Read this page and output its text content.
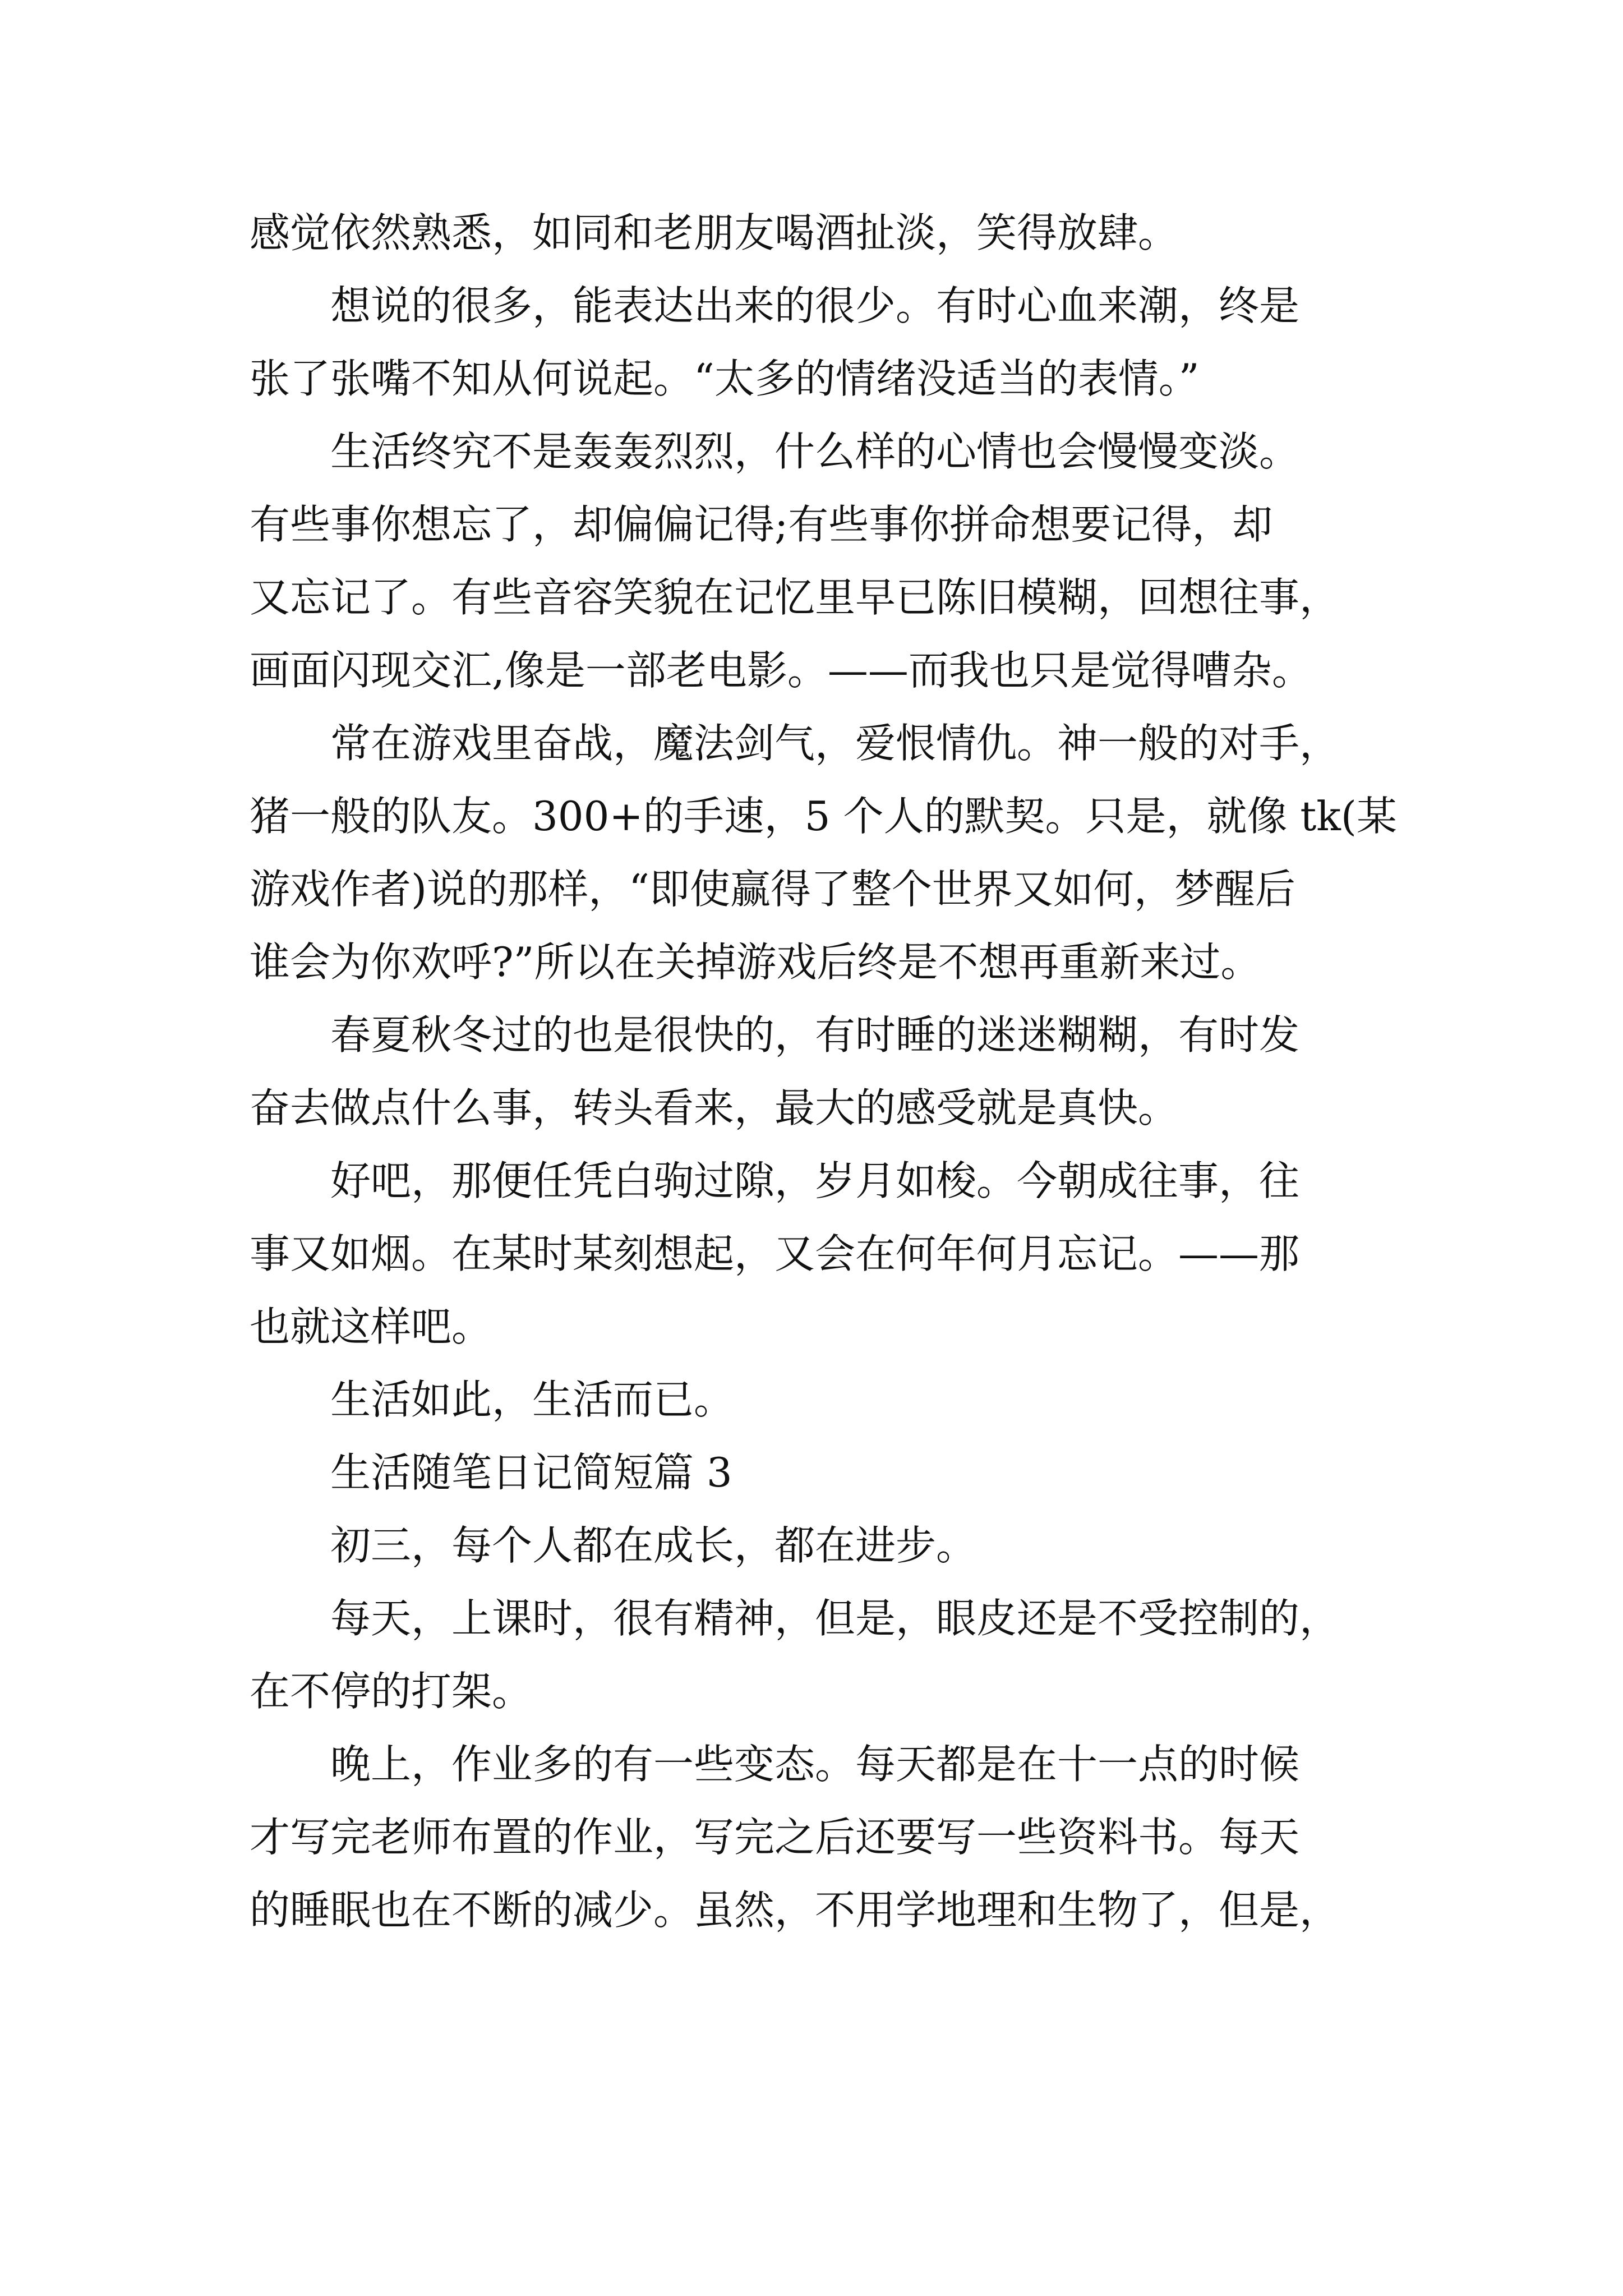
感觉依然熟悉，如同和老朋友喝酒扯淡，笑得放肆。
想说的很多，能表达出来的很少。有时心血来潮，终是
张了张嘴不知从何说起。“太多的情绪没适当的表情。”
生活终究不是轰轰烈烈，什么样的心情也会慢慢变淡。
有些事你想忘了，却偏偏记得;有些事你拼命想要记得，却
又忘记了。有些音容笑貌在记忆里早已陈旧模糊，回想往事，
画面闪现交汇,像是一部老电影。——而我也只是觉得嘈杂。
常在游戏里奋战，魔法剑气，爱恨情仇。神一般的对手，
猪一般的队友。300+的手速，5 个人的默契。只是，就像 tk(某
游戏作者)说的那样，“即使赢得了整个世界又如何，梦醒后
谁会为你欢呼?”所以在关掉游戏后终是不想再重新来过。
春夏秋冬过的也是很快的，有时睡的迷迷糊糊，有时发
奋去做点什么事，转头看来，最大的感受就是真快。
好吧，那便任凭白驹过隙，岁月如梭。今朝成往事，往
事又如烟。在某时某刻想起，又会在何年何月忘记。——那
也就这样吧。
生活如此，生活而已。
生活随笔日记简短篇 3
初三，每个人都在成长，都在进步。
每天，上课时，很有精神，但是，眼皮还是不受控制的，
在不停的打架。
晚上，作业多的有一些变态。每天都是在十一点的时候
才写完老师布置的作业，写完之后还要写一些资料书。每天
的睡眠也在不断的减少。虽然，不用学地理和生物了，但是，
